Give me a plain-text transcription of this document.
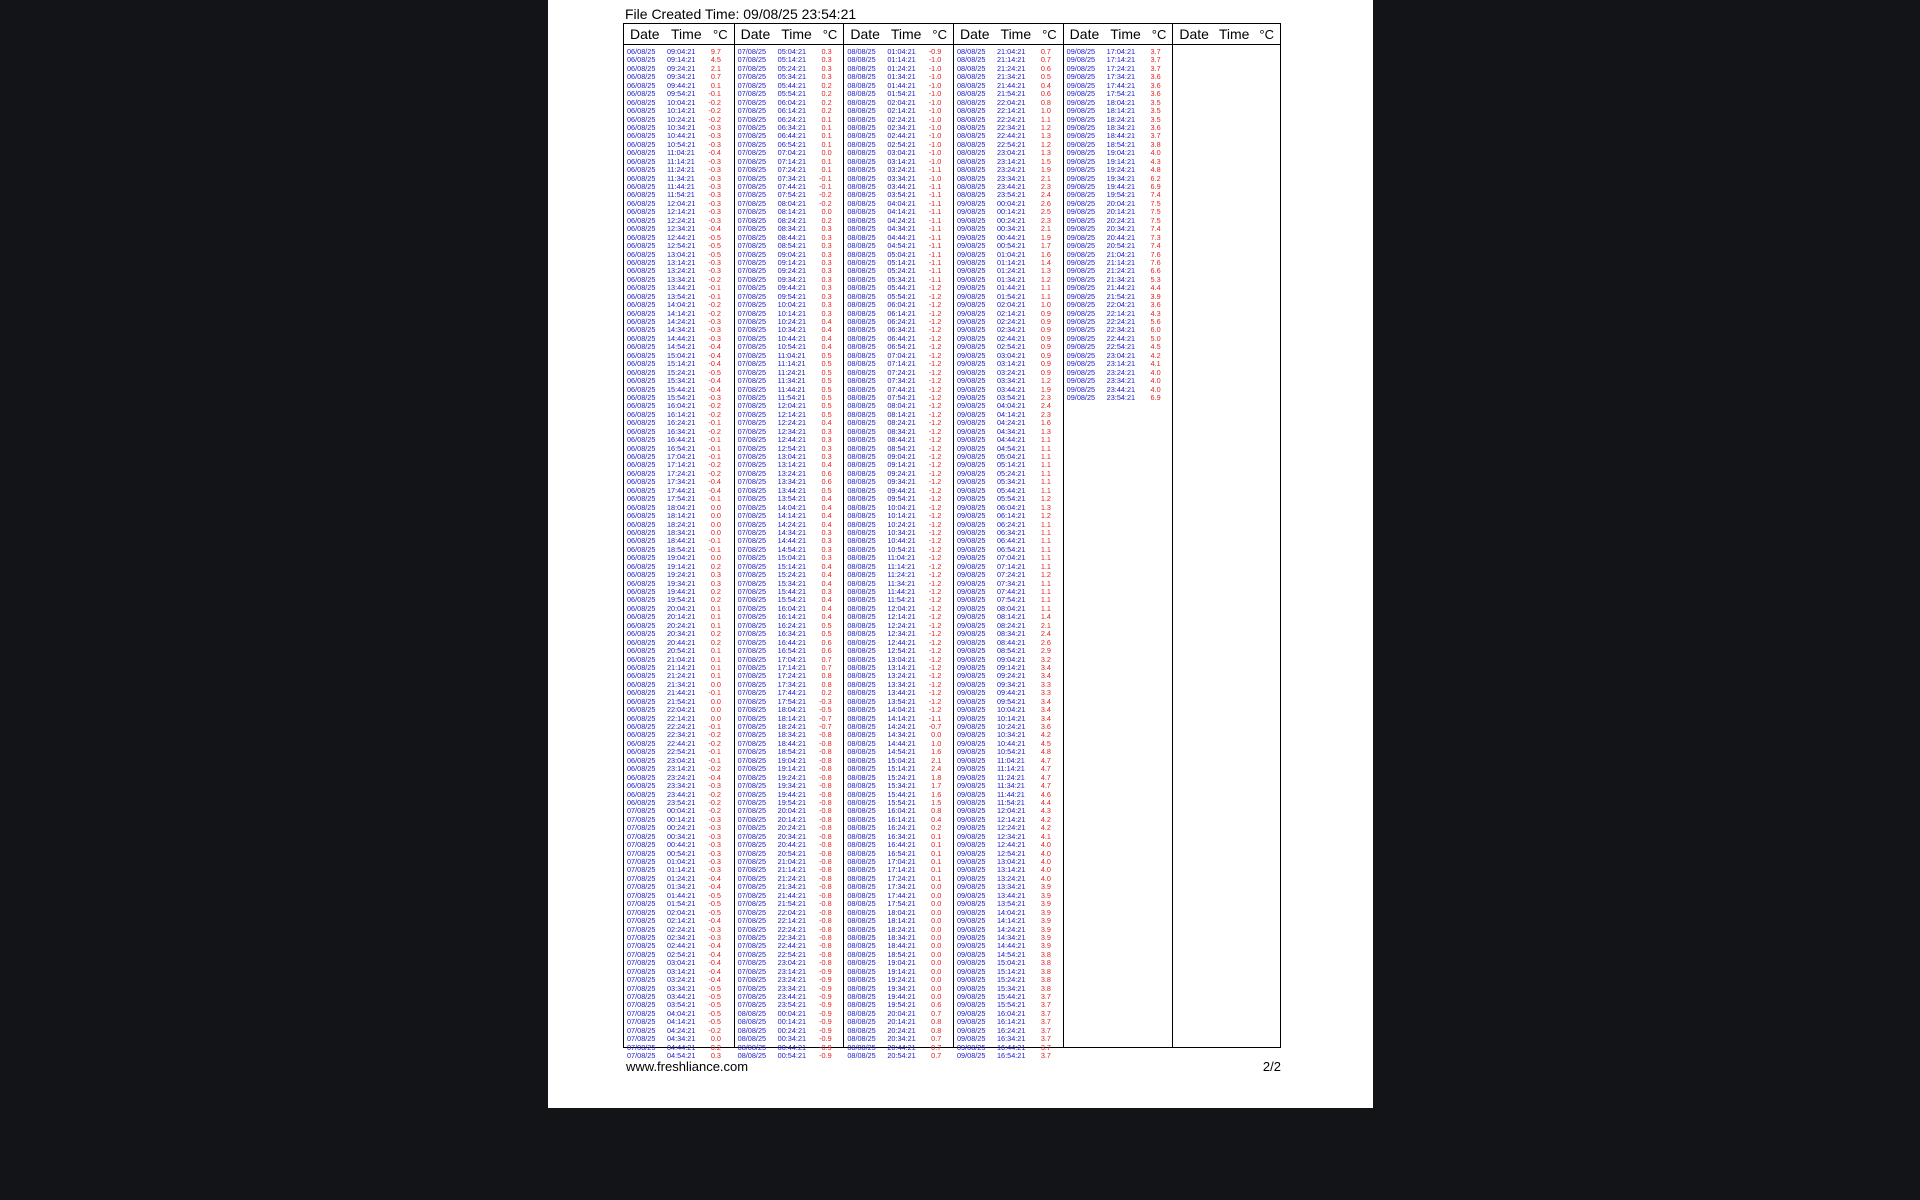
File Created Time: 09/08/25 23:54:21
Date Time °C
06/08/25 09:04:21	9.7
06/08/25 09:14:21	4.5
06/08/25 09:24:21	2.1
06/08/25 09:34:21	0.7
06/08/25 09:44:21	0.1
06/08/25 09:54:21	-0.1
06/08/25 10:04:21	-0.2
06/08/25 10:14:21	-0.2
06/08/25 10:24:21	-0.2
06/08/25 10:34:21	-0.3
06/08/25 10:44:21	-0.3
06/08/25 10:54:21	-0.3
06/08/25 11:04:21	-0.4
06/08/25 11:14:21	-0.3
06/08/25 11:24:21	-0.3
06/08/25 11:34:21	-0.3
06/08/25 11:44:21	-0.3
06/08/25 11:54:21	-0.3
06/08/25 12:04:21	-0.3
06/08/25 12:14:21	-0.3
06/08/25 12:24:21	-0.3
06/08/25 12:34:21	-0.4
06/08/25 12:44:21	-0.5
06/08/25 12:54:21	-0.5
06/08/25 13:04:21	-0.5
06/08/25 13:14:21	-0.3
06/08/25 13:24:21	-0.3
06/08/25 13:34:21	-0.2
06/08/25 13:44:21	-0.1
06/08/25 13:54:21	-0.1
06/08/25 14:04:21	-0.2
06/08/25 14:14:21	-0.2
06/08/25 14:24:21	-0.3
06/08/25 14:34:21	-0.3
06/08/25 14:44:21	-0.3
06/08/25 14:54:21	-0.4
06/08/25 15:04:21	-0.4
06/08/25 15:14:21	-0.4
06/08/25 15:24:21	-0.5
06/08/25 15:34:21	-0.4
06/08/25 15:44:21	-0.4
06/08/25 15:54:21	-0.3
06/08/25 16:04:21	-0.2
06/08/25 16:14:21	-0.2
06/08/25 16:24:21	-0.1
06/08/25 16:34:21	-0.2
06/08/25 16:44:21	-0.1
06/08/25 16:54:21	-0.1
06/08/25 17:04:21	-0.1
06/08/25 17:14:21	-0.2
06/08/25 17:24:21	-0.2
06/08/25 17:34:21	-0.4
06/08/25 17:44:21	-0.4
06/08/25 17:54:21	-0.1
06/08/25 18:04:21	0.0
06/08/25 18:14:21	0.0
06/08/25 18:24:21	0.0
06/08/25 18:34:21	0.0
06/08/25 18:44:21	-0.1
06/08/25 18:54:21	-0.1
06/08/25 19:04:21	0.0
06/08/25 19:14:21	0.2
06/08/25 19:24:21	0.3
06/08/25 19:34:21	0.3
06/08/25 19:44:21	0.2
06/08/25 19:54:21	0.2
06/08/25 20:04:21	0.1
06/08/25 20:14:21	0.1
06/08/25 20:24:21	0.1
06/08/25 20:34:21	0.2
06/08/25 20:44:21	0.2
06/08/25 20:54:21	0.1
06/08/25 21:04:21	0.1
06/08/25 21:14:21	0.1
06/08/25 21:24:21	0.1
06/08/25 21:34:21	0.0
06/08/25 21:44:21	-0.1
06/08/25 21:54:21	0.0
06/08/25 22:04:21	0.0
06/08/25 22:14:21	0.0
06/08/25 22:24:21	-0.1
06/08/25 22:34:21	-0.2
06/08/25 22:44:21	-0.2
06/08/25 22:54:21	-0.1
06/08/25 23:04:21	-0.1
06/08/25 23:14:21	-0.2
06/08/25 23:24:21	-0.4
06/08/25 23:34:21	-0.3
06/08/25 23:44:21	-0.2
06/08/25 23:54:21	-0.2
07/08/25 00:04:21	-0.2
07/08/25 00:14:21	-0.3
07/08/25 00:24:21	-0.3
07/08/25 00:34:21	-0.3
07/08/25 00:44:21	-0.3
07/08/25 00:54:21	-0.3
07/08/25 01:04:21	-0.3
07/08/25 01:14:21	-0.3
07/08/25 01:24:21	-0.4
07/08/25 01:34:21	-0.4
07/08/25 01:44:21	-0.5
07/08/25 01:54:21	-0.5
07/08/25 02:04:21	-0.5
07/08/25 02:14:21	-0.4
07/08/25 02:24:21	-0.3
07/08/25 02:34:21	-0.3
07/08/25 02:44:21	-0.4
07/08/25 02:54:21	-0.4
07/08/25 03:04:21	-0.4
07/08/25 03:14:21	-0.4
07/08/25 03:24:21	-0.4
07/08/25 03:34:21	-0.5
07/08/25 03:44:21	-0.5
07/08/25 03:54:21	-0.5
07/08/25 04:04:21	-0.5
07/08/25 04:14:21	-0.5
07/08/25 04:24:21	-0.2
07/08/25 04:34:21	0.0
07/08/25 04:44:21	0.2
07/08/25 04:54:21	0.3
Date Time °C
07/08/25 05:04:21	0.3
07/08/25 05:14:21	0.3
07/08/25 05:24:21	0.3
07/08/25 05:34:21	0.3
07/08/25 05:44:21	0.2
07/08/25 05:54:21	0.2
07/08/25 06:04:21	0.2
07/08/25 06:14:21	0.2
07/08/25 06:24:21	0.1
07/08/25 06:34:21	0.1
07/08/25 06:44:21	0.1
07/08/25 06:54:21	0.1
07/08/25 07:04:21	0.0
07/08/25 07:14:21	0.1
07/08/25 07:24:21	0.1
07/08/25 07:34:21	-0.1
07/08/25 07:44:21	-0.1
07/08/25 07:54:21	-0.2
07/08/25 08:04:21	-0.2
07/08/25 08:14:21	0.0
07/08/25 08:24:21	0.2
07/08/25 08:34:21	0.3
07/08/25 08:44:21	0.3
07/08/25 08:54:21	0.3
07/08/25 09:04:21	0.3
07/08/25 09:14:21	0.3
07/08/25 09:24:21	0.3
07/08/25 09:34:21	0.3
07/08/25 09:44:21	0.3
07/08/25 09:54:21	0.3
07/08/25 10:04:21	0.3
07/08/25 10:14:21	0.3
07/08/25 10:24:21	0.4
07/08/25 10:34:21	0.4
07/08/25 10:44:21	0.4
07/08/25 10:54:21	0.4
07/08/25 11:04:21	0.5
07/08/25 11:14:21	0.5
07/08/25 11:24:21	0.5
07/08/25 11:34:21	0.5
07/08/25 11:44:21	0.5
07/08/25 11:54:21	0.5
07/08/25 12:04:21	0.5
07/08/25 12:14:21	0.5
07/08/25 12:24:21	0.4
07/08/25 12:34:21	0.3
07/08/25 12:44:21	0.3
07/08/25 12:54:21	0.3
07/08/25 13:04:21	0.3
07/08/25 13:14:21	0.4
07/08/25 13:24:21	0.6
07/08/25 13:34:21	0.6
07/08/25 13:44:21	0.5
07/08/25 13:54:21	0.4
07/08/25 14:04:21	0.4
07/08/25 14:14:21	0.4
07/08/25 14:24:21	0.4
07/08/25 14:34:21	0.3
07/08/25 14:44:21	0.3
07/08/25 14:54:21	0.3
07/08/25 15:04:21	0.3
07/08/25 15:14:21	0.4
07/08/25 15:24:21	0.4
07/08/25 15:34:21	0.4
07/08/25 15:44:21	0.3
07/08/25 15:54:21	0.4
07/08/25 16:04:21	0.4
07/08/25 16:14:21	0.4
07/08/25 16:24:21	0.5
07/08/25 16:34:21	0.5
07/08/25 16:44:21	0.6
07/08/25 16:54:21	0.6
07/08/25 17:04:21	0.7
07/08/25 17:14:21	0.7
07/08/25 17:24:21	0.8
07/08/25 17:34:21	0.8
07/08/25 17:44:21	0.2
07/08/25 17:54:21	-0.3
07/08/25 18:04:21	-0.5
07/08/25 18:14:21	-0.7
07/08/25 18:24:21	-0.7
07/08/25 18:34:21	-0.8
07/08/25 18:44:21	-0.8
07/08/25 18:54:21	-0.8
07/08/25 19:04:21	-0.8
07/08/25 19:14:21	-0.8
07/08/25 19:24:21	-0.8
07/08/25 19:34:21	-0.8
07/08/25 19:44:21	-0.8
07/08/25 19:54:21	-0.8
07/08/25 20:04:21	-0.8
07/08/25 20:14:21	-0.8
07/08/25 20:24:21	-0.8
07/08/25 20:34:21	-0.8
07/08/25 20:44:21	-0.8
07/08/25 20:54:21	-0.8
07/08/25 21:04:21	-0.8
07/08/25 21:14:21	-0.8
07/08/25 21:24:21	-0.8
07/08/25 21:34:21	-0.8
07/08/25 21:44:21	-0.8
07/08/25 21:54:21	-0.8
07/08/25 22:04:21	-0.8
07/08/25 22:14:21	-0.8
07/08/25 22:24:21	-0.8
07/08/25 22:34:21	-0.8
07/08/25 22:44:21	-0.8
07/08/25 22:54:21	-0.8
07/08/25 23:04:21	-0.8
07/08/25 23:14:21	-0.9
07/08/25 23:24:21	-0.9
07/08/25 23:34:21	-0.9
07/08/25 23:44:21	-0.9
07/08/25 23:54:21	-0.9
08/08/25 00:04:21	-0.9
08/08/25 00:14:21	-0.9
08/08/25 00:24:21	-0.9
08/08/25 00:34:21	-0.9
08/08/25 00:44:21	-0.9
08/08/25 00:54:21	-0.9
Date Time °C
08/08/25 01:04:21	-0.9
08/08/25 01:14:21	-1.0
08/08/25 01:24:21	-1.0
08/08/25 01:34:21	-1.0
08/08/25 01:44:21	-1.0
08/08/25 01:54:21	-1.0
08/08/25 02:04:21	-1.0
08/08/25 02:14:21	-1.0
08/08/25 02:24:21	-1.0
08/08/25 02:34:21	-1.0
08/08/25 02:44:21	-1.0
08/08/25 02:54:21	-1.0
08/08/25 03:04:21	-1.0
08/08/25 03:14:21	-1.0
08/08/25 03:24:21	-1.1
08/08/25 03:34:21	-1.0
08/08/25 03:44:21	-1.1
08/08/25 03:54:21	-1.1
08/08/25 04:04:21	-1.1
08/08/25 04:14:21	-1.1
08/08/25 04:24:21	-1.1
08/08/25 04:34:21	-1.1
08/08/25 04:44:21	-1.1
08/08/25 04:54:21	-1.1
08/08/25 05:04:21	-1.1
08/08/25 05:14:21	-1.1
08/08/25 05:24:21	-1.1
08/08/25 05:34:21	-1.1
08/08/25 05:44:21	-1.2
08/08/25 05:54:21	-1.2
08/08/25 06:04:21	-1.2
08/08/25 06:14:21	-1.2
08/08/25 06:24:21	-1.2
08/08/25 06:34:21	-1.2
08/08/25 06:44:21	-1.2
08/08/25 06:54:21	-1.2
08/08/25 07:04:21	-1.2
08/08/25 07:14:21	-1.2
08/08/25 07:24:21	-1.2
08/08/25 07:34:21	-1.2
08/08/25 07:44:21	-1.2
08/08/25 07:54:21	-1.2
08/08/25 08:04:21	-1.2
08/08/25 08:14:21	-1.2
08/08/25 08:24:21	-1.2
08/08/25 08:34:21	-1.2
08/08/25 08:44:21	-1.2
08/08/25 08:54:21	-1.2
08/08/25 09:04:21	-1.2
08/08/25 09:14:21	-1.2
08/08/25 09:24:21	-1.2
08/08/25 09:34:21	-1.2
08/08/25 09:44:21	-1.2
08/08/25 09:54:21	-1.2
08/08/25 10:04:21	-1.2
08/08/25 10:14:21	-1.2
08/08/25 10:24:21	-1.2
08/08/25 10:34:21	-1.2
08/08/25 10:44:21	-1.2
08/08/25 10:54:21	-1.2
08/08/25 11:04:21	-1.2
08/08/25 11:14:21	-1.2
08/08/25 11:24:21	-1.2
08/08/25 11:34:21	-1.2
08/08/25 11:44:21	-1.2
08/08/25 11:54:21	-1.2
08/08/25 12:04:21	-1.2
08/08/25 12:14:21	-1.2
08/08/25 12:24:21	-1.2
08/08/25 12:34:21	-1.2
08/08/25 12:44:21	-1.2
08/08/25 12:54:21	-1.2
08/08/25 13:04:21	-1.2
08/08/25 13:14:21	-1.2
08/08/25 13:24:21	-1.2
08/08/25 13:34:21	-1.2
08/08/25 13:44:21	-1.2
08/08/25 13:54:21	-1.2
08/08/25 14:04:21	-1.2
08/08/25 14:14:21	-1.1
08/08/25 14:24:21	-0.7
08/08/25 14:34:21	0.0
08/08/25 14:44:21	1.0
08/08/25 14:54:21	1.6
08/08/25 15:04:21	2.1
08/08/25 15:14:21	2.4
08/08/25 15:24:21	1.8
08/08/25 15:34:21	1.7
08/08/25 15:44:21	1.6
08/08/25 15:54:21	1.5
08/08/25 16:04:21	0.8
08/08/25 16:14:21	0.4
08/08/25 16:24:21	0.2
08/08/25 16:34:21	0.1
08/08/25 16:44:21	0.1
08/08/25 16:54:21	0.1
08/08/25 17:04:21	0.1
08/08/25 17:14:21	0.1
08/08/25 17:24:21	0.1
08/08/25 17:34:21	0.0
08/08/25 17:44:21	0.0
08/08/25 17:54:21	0.0
08/08/25 18:04:21	0.0
08/08/25 18:14:21	0.0
08/08/25 18:24:21	0.0
08/08/25 18:34:21	0.0
08/08/25 18:44:21	0.0
08/08/25 18:54:21	0.0
08/08/25 19:04:21	0.0
08/08/25 19:14:21	0.0
08/08/25 19:24:21	0.0
08/08/25 19:34:21	0.0
08/08/25 19:44:21	0.0
08/08/25 19:54:21	0.6
08/08/25 20:04:21	0.7
08/08/25 20:14:21	0.8
08/08/25 20:24:21	0.8
08/08/25 20:34:21	0.7
08/08/25 20:44:21	0.7
08/08/25 20:54:21	0.7
Date Time °C
08/08/25 21:04:21	0.7
08/08/25 21:14:21	0.7
08/08/25 21:24:21	0.6
08/08/25 21:34:21	0.5
08/08/25 21:44:21	0.4
08/08/25 21:54:21	0.6
08/08/25 22:04:21	0.8
08/08/25 22:14:21	1.0
08/08/25 22:24:21	1.1
08/08/25 22:34:21	1.2
08/08/25 22:44:21	1.3
08/08/25 22:54:21	1.2
08/08/25 23:04:21	1.3
08/08/25 23:14:21	1.5
08/08/25 23:24:21	1.9
08/08/25 23:34:21	2.1
08/08/25 23:44:21	2.3
08/08/25 23:54:21	2.4
09/08/25 00:04:21	2.6
09/08/25 00:14:21	2.5
09/08/25 00:24:21	2.3
09/08/25 00:34:21	2.1
09/08/25 00:44:21	1.9
09/08/25 00:54:21	1.7
09/08/25 01:04:21	1.6
09/08/25 01:14:21	1.4
09/08/25 01:24:21	1.3
09/08/25 01:34:21	1.2
09/08/25 01:44:21	1.1
09/08/25 01:54:21	1.1
09/08/25 02:04:21	1.0
09/08/25 02:14:21	0.9
09/08/25 02:24:21	0.9
09/08/25 02:34:21	0.9
09/08/25 02:44:21	0.9
09/08/25 02:54:21	0.9
09/08/25 03:04:21	0.9
09/08/25 03:14:21	0.9
09/08/25 03:24:21	0.9
09/08/25 03:34:21	1.2
09/08/25 03:44:21	1.9
09/08/25 03:54:21	2.3
09/08/25 04:04:21	2.4
09/08/25 04:14:21	2.3
09/08/25 04:24:21	1.6
09/08/25 04:34:21	1.3
09/08/25 04:44:21	1.1
09/08/25 04:54:21	1.1
09/08/25 05:04:21	1.1
09/08/25 05:14:21	1.1
09/08/25 05:24:21	1.1
09/08/25 05:34:21	1.1
09/08/25 05:44:21	1.1
09/08/25 05:54:21	1.2
09/08/25 06:04:21	1.3
09/08/25 06:14:21	1.2
09/08/25 06:24:21	1.1
09/08/25 06:34:21	1.1
09/08/25 06:44:21	1.1
09/08/25 06:54:21	1.1
09/08/25 07:04:21	1.1
09/08/25 07:14:21	1.1
09/08/25 07:24:21	1.2
09/08/25 07:34:21	1.1
09/08/25 07:44:21	1.1
09/08/25 07:54:21	1.1
09/08/25 08:04:21	1.1
09/08/25 08:14:21	1.4
09/08/25 08:24:21	2.1
09/08/25 08:34:21	2.4
09/08/25 08:44:21	2.6
09/08/25 08:54:21	2.9
09/08/25 09:04:21	3.2
09/08/25 09:14:21	3.4
09/08/25 09:24:21	3.4
09/08/25 09:34:21	3.3
09/08/25 09:44:21	3.3
09/08/25 09:54:21	3.4
09/08/25 10:04:21	3.4
09/08/25 10:14:21	3.4
09/08/25 10:24:21	3.6
09/08/25 10:34:21	4.2
09/08/25 10:44:21	4.5
09/08/25 10:54:21	4.8
09/08/25 11:04:21	4.7
09/08/25 11:14:21	4.7
09/08/25 11:24:21	4.7
09/08/25 11:34:21	4.7
09/08/25 11:44:21	4.6
09/08/25 11:54:21	4.4
09/08/25 12:04:21	4.3
09/08/25 12:14:21	4.2
09/08/25 12:24:21	4.2
09/08/25 12:34:21	4.1
09/08/25 12:44:21	4.0
09/08/25 12:54:21	4.0
09/08/25 13:04:21	4.0
09/08/25 13:14:21	4.0
09/08/25 13:24:21	4.0
09/08/25 13:34:21	3.9
09/08/25 13:44:21	3.9
09/08/25 13:54:21	3.9
09/08/25 14:04:21	3.9
09/08/25 14:14:21	3.9
09/08/25 14:24:21	3.9
09/08/25 14:34:21	3.9
09/08/25 14:44:21	3.9
09/08/25 14:54:21	3.8
09/08/25 15:04:21	3.8
09/08/25 15:14:21	3.8
09/08/25 15:24:21	3.8
09/08/25 15:34:21	3.8
09/08/25 15:44:21	3.7
09/08/25 15:54:21	3.7
09/08/25 16:04:21	3.7
09/08/25 16:14:21	3.7
09/08/25 16:24:21	3.7
09/08/25 16:34:21	3.7
09/08/25 16:44:21	3.7
09/08/25 16:54:21	3.7
Date Time °C
09/08/25 17:04:21	3.7
09/08/25 17:14:21	3.7
09/08/25 17:24:21	3.7
09/08/25 17:34:21	3.6
09/08/25 17:44:21	3.6
09/08/25 17:54:21	3.6
09/08/25 18:04:21	3.5
09/08/25 18:14:21	3.5
09/08/25 18:24:21	3.5
09/08/25 18:34:21	3.6
09/08/25 18:44:21	3.7
09/08/25 18:54:21	3.8
09/08/25 19:04:21	4.0
09/08/25 19:14:21	4.3
09/08/25 19:24:21	4.8
09/08/25 19:34:21	6.2
09/08/25 19:44:21	6.9
09/08/25 19:54:21	7.4
09/08/25 20:04:21	7.5
09/08/25 20:14:21	7.5
09/08/25 20:24:21	7.5
09/08/25 20:34:21	7.4
09/08/25 20:44:21	7.3
09/08/25 20:54:21	7.4
09/08/25 21:04:21	7.6
09/08/25 21:14:21	7.6
09/08/25 21:24:21	6.6
09/08/25 21:34:21	5.3
09/08/25 21:44:21	4.4
09/08/25 21:54:21	3.9
09/08/25 22:04:21	3.6
09/08/25 22:14:21	4.3
09/08/25 22:24:21	5.6
09/08/25 22:34:21	6.0
09/08/25 22:44:21	5.0
09/08/25 22:54:21	4.5
09/08/25 23:04:21	4.2
09/08/25 23:14:21	4.1
09/08/25 23:24:21	4.0
09/08/25 23:34:21	4.0
09/08/25 23:44:21	4.0
09/08/25 23:54:21	6.9
Date Time °C
www.freshliance.com	2/2
